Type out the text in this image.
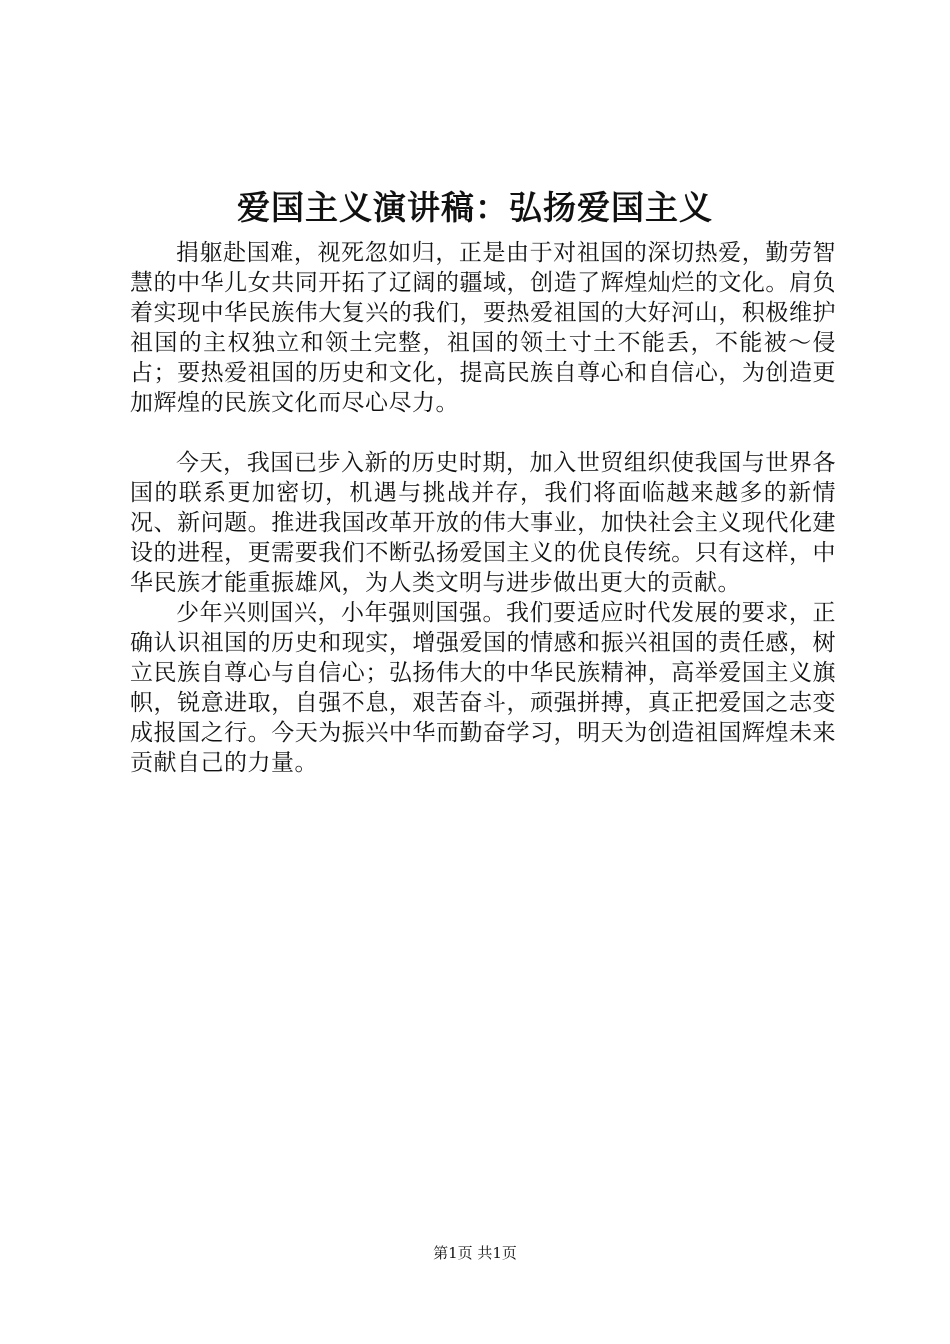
爱国主义演讲稿：弘扬爱国主义

捐躯赴国难，视死忽如归，正是由于对祖国的深切热爱，勤劳智慧的中华儿女共同开拓了辽阔的疆域，创造了辉煌灿烂的文化。肩负着实现中华民族伟大复兴的我们，要热爱祖国的大好河山，积极维护祖国的主权独立和领土完整，祖国的领土寸土不能丢，不能被～侵占；要热爱祖国的历史和文化，提高民族自尊心和自信心，为创造更加辉煌的民族文化而尽心尽力。

今天，我国已步入新的历史时期，加入世贸组织使我国与世界各国的联系更加密切，机遇与挑战并存，我们将面临越来越多的新情况、新问题。推进我国改革开放的伟大事业，加快社会主义现代化建设的进程，更需要我们不断弘扬爱国主义的优良传统。只有这样，中华民族才能重振雄风，为人类文明与进步做出更大的贡献。

少年兴则国兴，小年强则国强。我们要适应时代发展的要求，正确认识祖国的历史和现实，增强爱国的情感和振兴祖国的责任感，树立民族自尊心与自信心；弘扬伟大的中华民族精神，高举爱国主义旗帜，锐意进取，自强不息，艰苦奋斗，顽强拼搏，真正把爱国之志变成报国之行。今天为振兴中华而勤奋学习，明天为创造祖国辉煌未来贡献自己的力量。

第1页 共1页
